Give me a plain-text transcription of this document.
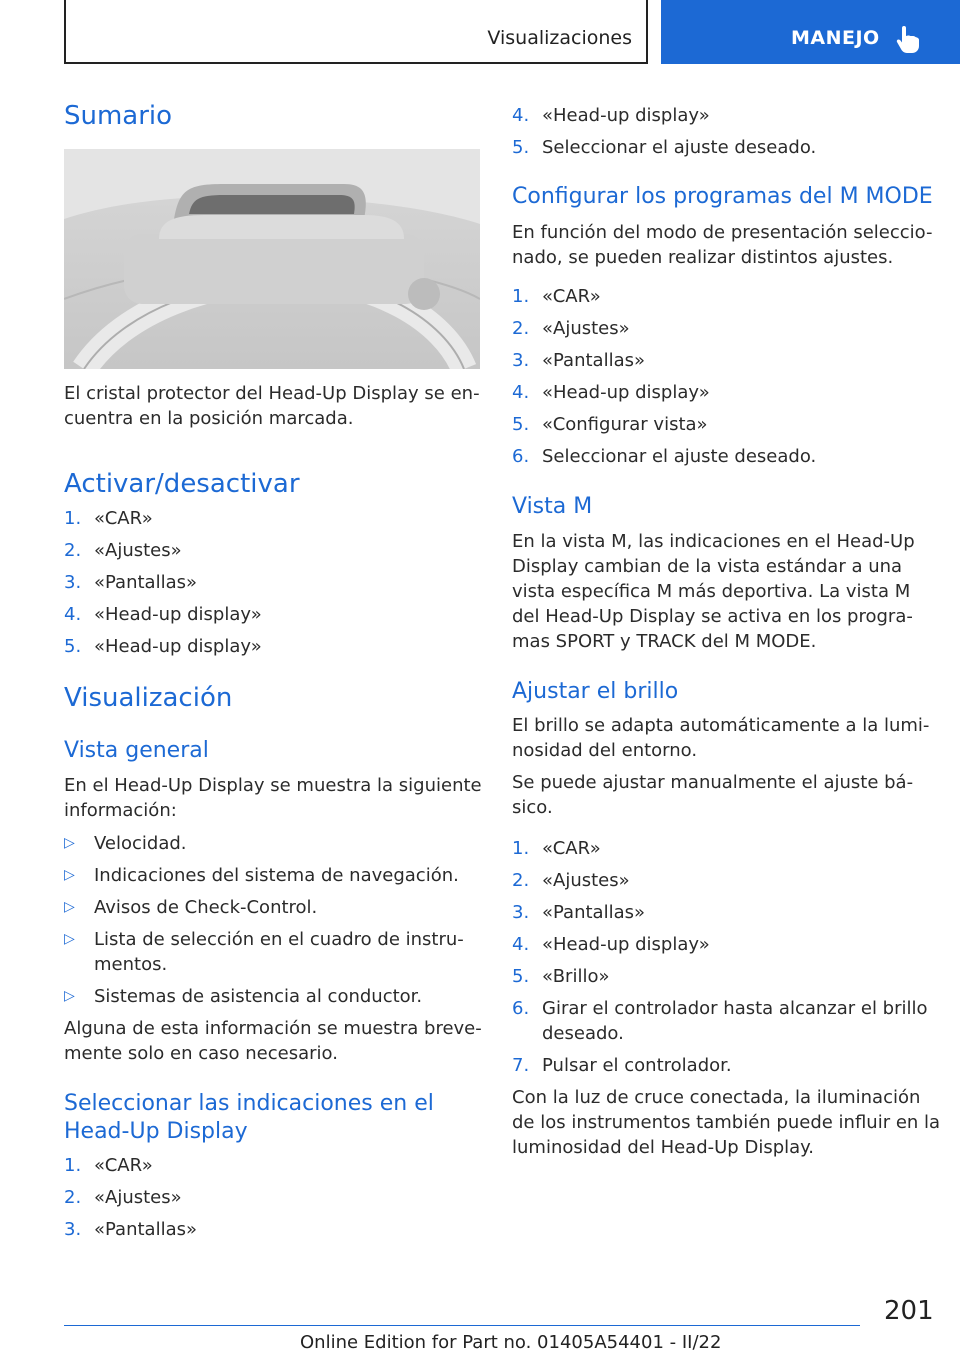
Visualizaciones	MANEJO
Sumario
El cristal protector del Head-Up Display se en-
cuentra en la posición marcada.
Activar/desactivar
1. «CAR»
2. «Ajustes»
3. «Pantallas»
4. «Head-up display»
5. «Head-up display»
Visualización
Vista general
En el Head-Up Display se muestra la siguiente
información:
▷ Velocidad.
▷ Indicaciones del sistema de navegación.
▷ Avisos de Check-Control.
▷ Lista de selección en el cuadro de instru-
mentos.
▷ Sistemas de asistencia al conductor.
Alguna de esta información se muestra breve-
mente solo en caso necesario.
Seleccionar las indicaciones en el
Head-Up Display
1. «CAR»
2. «Ajustes»
3. «Pantallas»
4. «Head-up display»
5. Seleccionar el ajuste deseado.
Configurar los programas del M MODE
En función del modo de presentación seleccio-
nado, se pueden realizar distintos ajustes.
1. «CAR»
2. «Ajustes»
3. «Pantallas»
4. «Head-up display»
5. «Configurar vista»
6. Seleccionar el ajuste deseado.
Vista M
En la vista M, las indicaciones en el Head-Up
Display cambian de la vista estándar a una
vista específica M más deportiva. La vista M
del Head-Up Display se activa en los progra-
mas SPORT y TRACK del M MODE.
Ajustar el brillo
El brillo se adapta automáticamente a la lumi-
nosidad del entorno.
Se puede ajustar manualmente el ajuste bá-
sico.
1. «CAR»
2. «Ajustes»
3. «Pantallas»
4. «Head-up display»
5. «Brillo»
6. Girar el controlador hasta alcanzar el brillo
deseado.
7. Pulsar el controlador.
Con la luz de cruce conectada, la iluminación
de los instrumentos también puede influir en la
luminosidad del Head-Up Display.
201
Online Edition for Part no. 01405A54401 - II/22
